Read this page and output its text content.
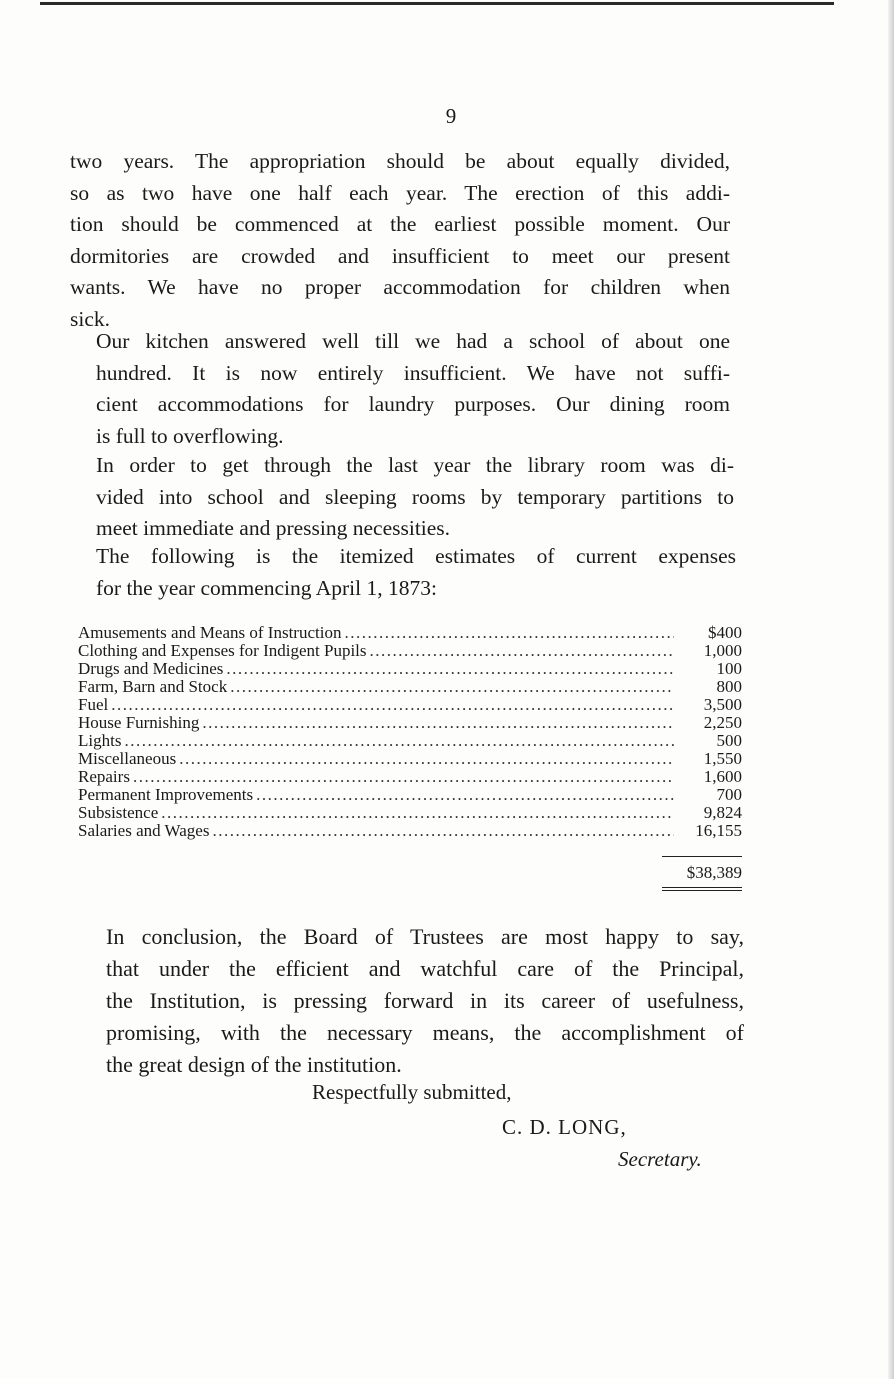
9

two years. The appropriation should be about equally divided,
so as two have one half each year. The erection of this addi-
tion should be commenced at the earliest possible moment. Our
dormitories are crowded and insufficient to meet our present
wants. We have no proper accommodation for children when
sick.

Our kitchen answered well till we had a school of about one
hundred. It is now entirely insufficient. We have not suffi-
cient accommodations for laundry purposes. Our dining room
is full to overflowing.

In order to get through the last year the library room was di-
vided into school and sleeping rooms by temporary partitions to
meet immediate and pressing necessities.

The following is the itemized estimates of current expenses
for the year commencing April 1, 1873:

Amusements and Means of Instruction .....	$400
Clothing and Expenses for Indigent Pupils .....	1,000
Drugs and Medicines .....	100
Farm, Barn and Stock .....	800
Fuel .....	3,500
House Furnishing .....	2,250
Lights .....	500
Miscellaneous .....	1,550
Repairs .....	1,600
Permanent Improvements .....	700
Subsistence .....	9,824
Salaries and Wages .....	16,155
$38,389

In conclusion, the Board of Trustees are most happy to say,
that under the efficient and watchful care of the Principal,
the Institution, is pressing forward in its career of usefulness,
promising, with the necessary means, the accomplishment of
the great design of the institution.

Respectfully submitted,
C. D. LONG,
Secretary.
